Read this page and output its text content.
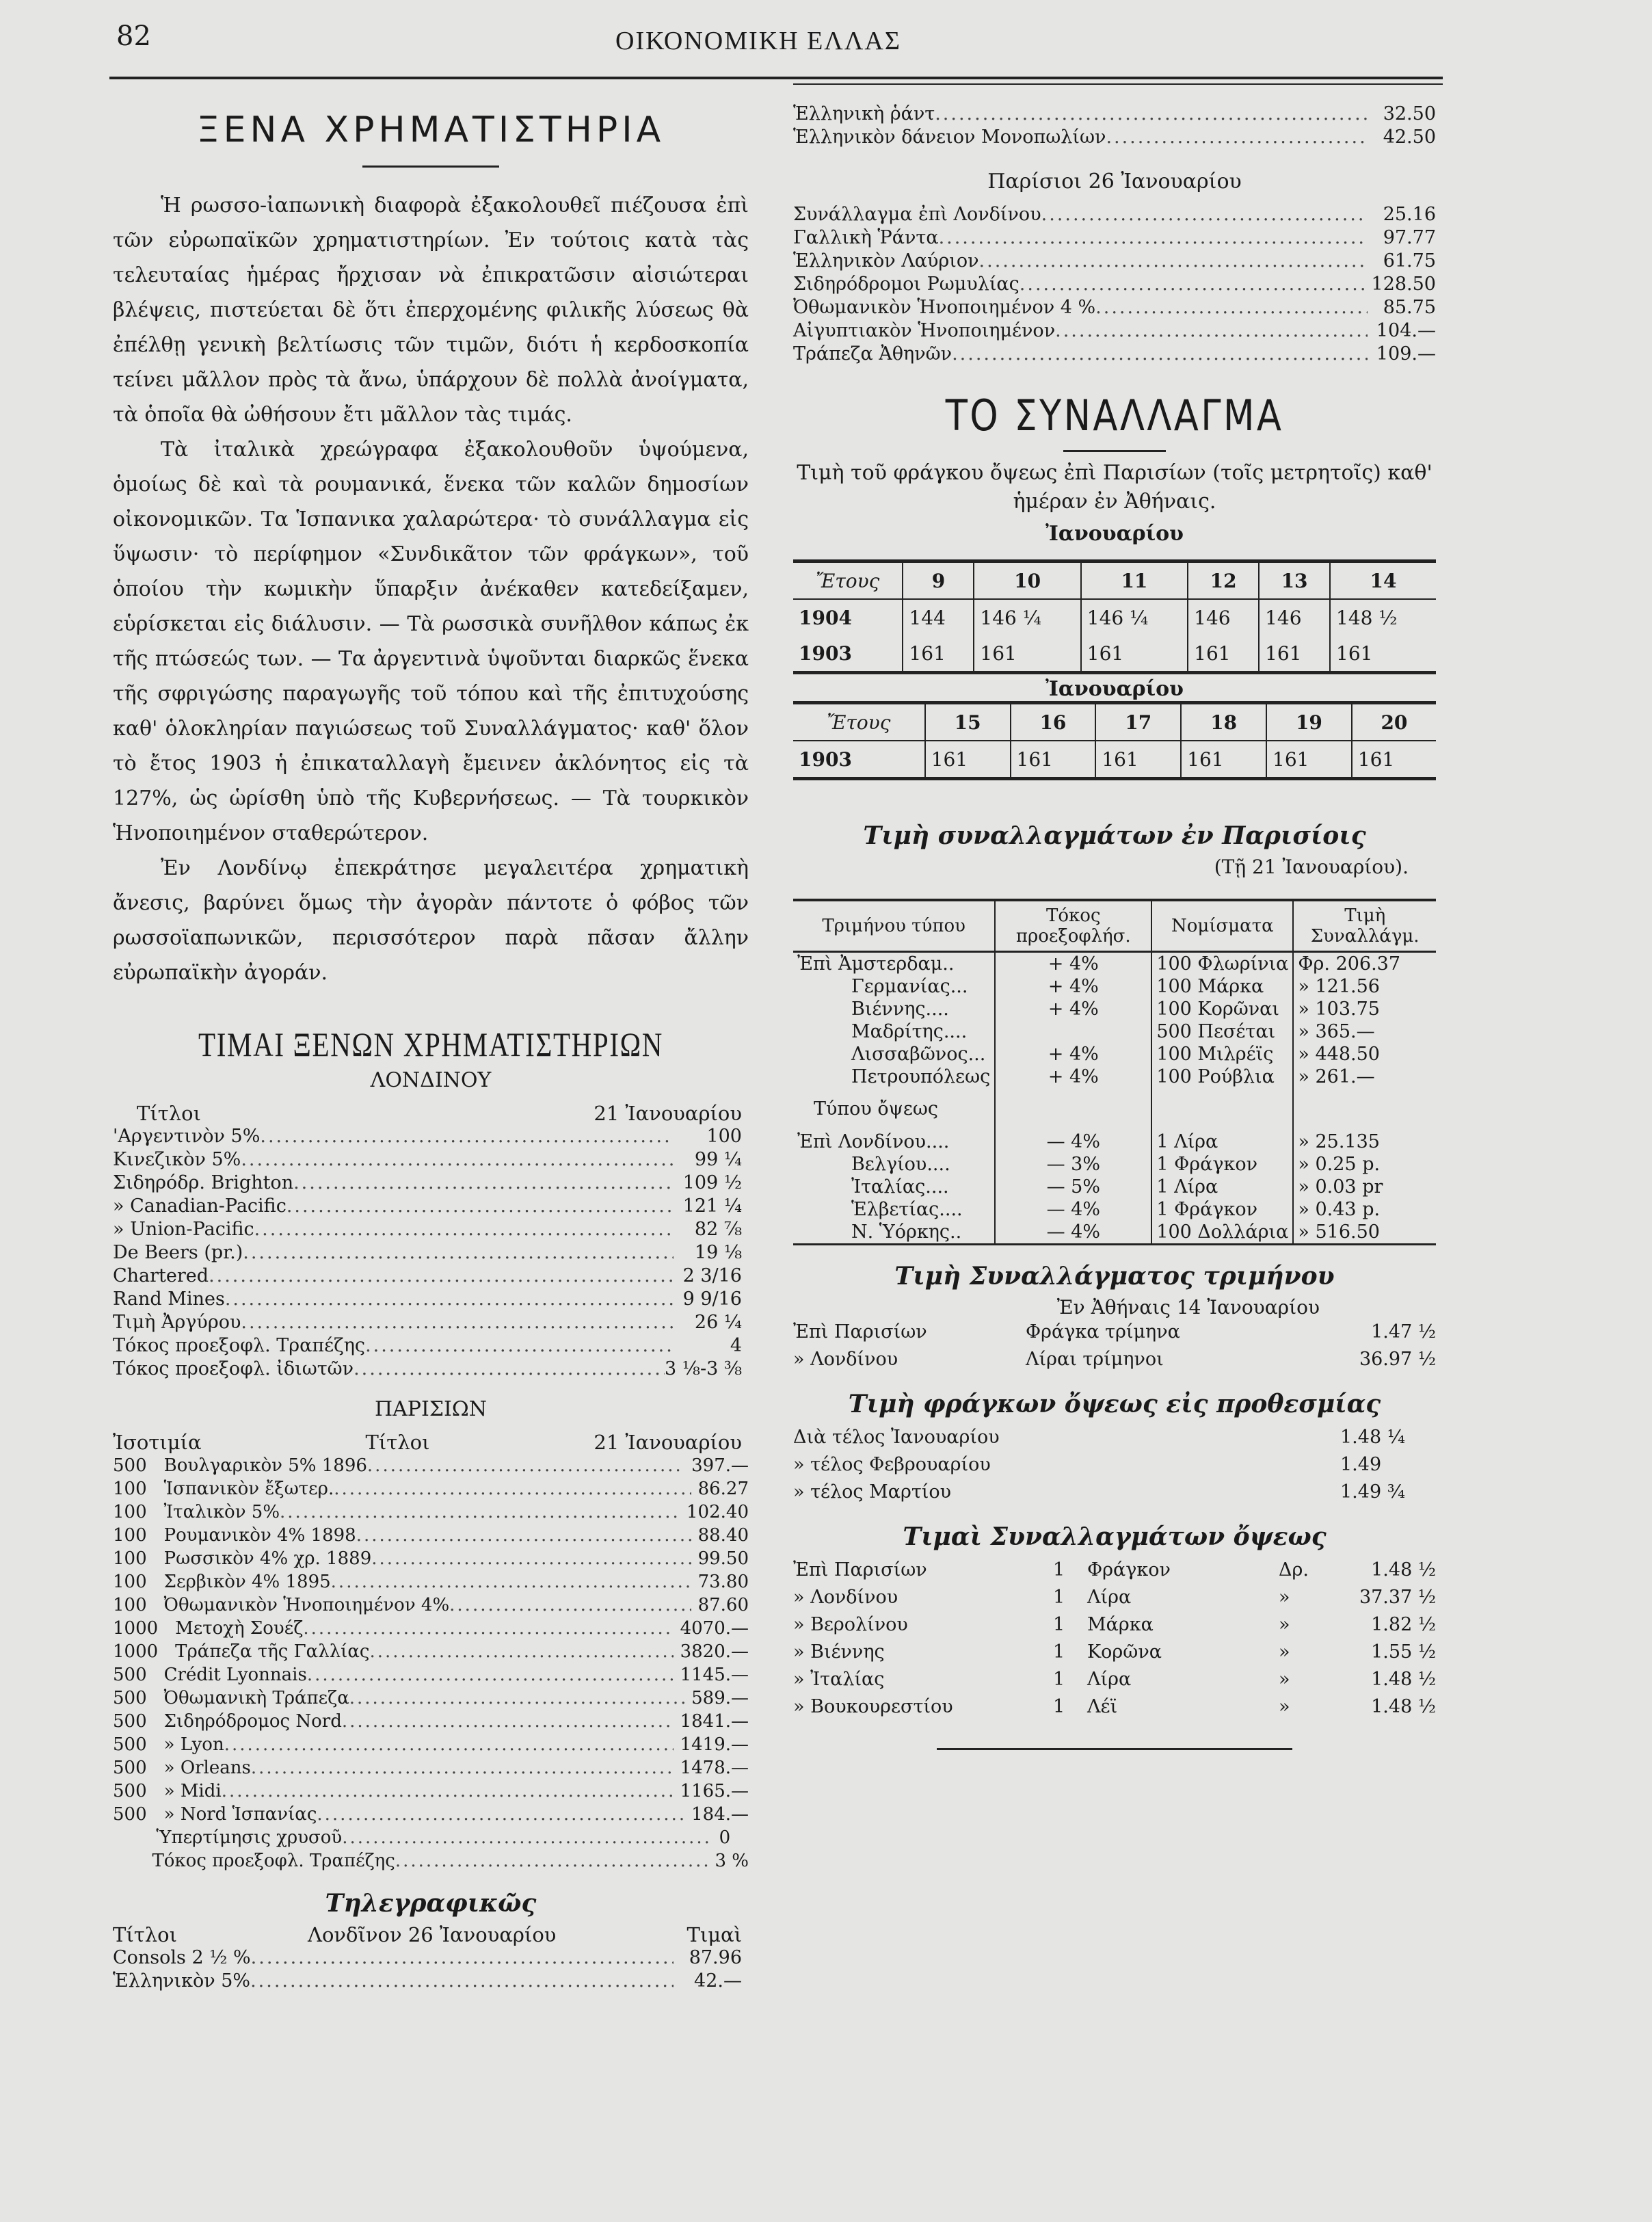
82	ΟΙΚΟΝΟΜΙΚΗ ΕΛΛΑΣ
ΞΕΝΑ ΧΡΗΜΑΤΙΣΤΗΡΙΑ

Ἡ ρωσσο-ἰαπωνικὴ διαφορὰ ἐξακολουθεῖ πιέζουσα ἐπὶ τῶν εὐρωπαϊκῶν χρηματιστηρίων. Ἐν τούτοις κατὰ τὰς τελευταίας ἡμέρας ἤρχισαν νὰ ἐπικρατῶσιν αἰσιώτεραι βλέψεις, πιστεύεται δὲ ὅτι ἐπερχομένης φιλικῆς λύσεως θὰ ἐπέλθῃ γενικὴ βελτίωσις τῶν τιμῶν, διότι ἡ κερδοσκοπία τείνει μᾶλλον πρὸς τὰ ἄνω, ὑπάρχουν δὲ πολλὰ ἀνοίγματα, τὰ ὁποῖα θὰ ὠθήσουν ἔτι μᾶλλον τὰς τιμάς.

Τὰ ἰταλικὰ χρεώγραφα ἐξακολουθοῦν ὑψούμενα, ὁμοίως δὲ καὶ τὰ ρουμανικά, ἕνεκα τῶν καλῶν δημοσίων οἰκονομικῶν. Τα Ἱσπανικα χαλαρώτερα· τὸ συνάλλαγμα εἰς ὕψωσιν· τὸ περίφημον «Συνδικᾶτον τῶν φράγκων», τοῦ ὁποίου τὴν κωμικὴν ὕπαρξιν ἀνέκαθεν κατεδείξαμεν, εὑρίσκεται εἰς διάλυσιν. — Τὰ ρωσσικὰ συνῆλθον κάπως ἐκ τῆς πτώσεώς των. — Τα ἀργεντινὰ ὑψοῦνται διαρκῶς ἕνεκα τῆς σφριγώσης παραγωγῆς τοῦ τόπου καὶ τῆς ἐπιτυχούσης καθ' ὁλοκληρίαν παγιώσεως τοῦ Συναλλάγματος· καθ' ὅλον τὸ ἔτος 1903 ἡ ἐπικαταλλαγὴ ἔμεινεν ἀκλόνητος εἰς τὰ 127%, ὡς ὡρίσθη ὑπὸ τῆς Κυβερνήσεως. — Τὰ τουρκικὸν Ἡνοποιημένον σταθερώτερον.

Ἐν Λονδίνῳ ἐπεκράτησε μεγαλειτέρα χρηματικὴ ἄνεσις, βαρύνει ὅμως τὴν ἀγορὰν πάντοτε ὁ φόβος τῶν ρωσσοϊαπωνικῶν, περισσότερον παρὰ πᾶσαν ἄλλην εὐρωπαϊκὴν ἀγοράν.

ΤΙΜΑΙ ΞΕΝΩΝ ΧΡΗΜΑΤΙΣΤΗΡΙΩΝ
ΛΟΝΔΙΝΟΥ
Τίτλοι	21 Ἰανουαρίου
'Αργεντινὸν 5% .....	100
Κινεζικὸν 5% .....	99 ¼
Σιδηρόδρ. Brighton .....	109 ½
» Canadian-Pacific .....	121 ¼
» Union-Pacific .....	82 ⅞
De Beers (pr.) .....	19 ⅛
Chartered .....	2 3/16
Rand Mines .....	9 9/16
Τιμὴ Ἀργύρου .....	26 ¼
Τόκος προεξοφλ. Τραπέζης .....	4
Τόκος προεξοφλ. ἰδιωτῶν .....	3 ⅛-3 ⅜
ΠΑΡΙΣΙΩΝ
Ἰσοτιμία	Τίτλοι	21 Ἰανουαρίου
500 Βουλγαρικὸν 5% 1896 .....	397.—
100 Ἱσπανικὸν ἔξωτερ. .....	86.27
100 Ἰταλικὸν 5% .....	102.40
100 Ρουμανικὸν 4% 1898 .....	88.40
100 Ρωσσικὸν 4% χρ. 1889 .....	99.50
100 Σερβικὸν 4% 1895 .....	73.80
100 Ὀθωμανικὸν Ἡνοποιημένον 4% .....	87.60
1000 Μετοχὴ Σουέζ .....	4070.—
1000 Τράπεζα τῆς Γαλλίας .....	3820.—
500 Crédit Lyonnais .....	1145.—
500 Ὀθωμανικὴ Τράπεζα .....	589.—
500 Σιδηρόδρομος Nord .....	1841.—
500 » Lyon .....	1419.—
500 » Orleans .....	1478.—
500 » Midi .....	1165.—
500 » Nord Ἱσπανίας .....	184.—
Ὑπερτίμησις χρυσοῦ .....	0
Τόκος προεξοφλ. Τραπέζης .....	3 %
Τηλεγραφικῶς
Τίτλοι	Λονδῖνον 26 Ἰανουαρίου	Τιμαὶ
Consols 2 ½ % .....	87.96
Ἑλληνικὸν 5% .....	42.—
Ἑλληνικὴ ῥάντ .....	32.50
Ἑλληνικὸν δάνειον Μονοπωλίων .....	42.50
Παρίσιοι 26 Ἰανουαρίου
Συνάλλαγμα ἐπὶ Λονδίνου .....	25.16
Γαλλικὴ Ῥάντα .....	97.77
Ἑλληνικὸν Λαύριον .....	61.75
Σιδηρόδρομοι Ρωμυλίας .....	128.50
Ὀθωμανικὸν Ἡνοποιημένον 4 % .....	85.75
Αἰγυπτιακὸν Ἡνοποιημένον .....	104.—
Τράπεζα Ἀθηνῶν .....	109.—
ΤΟ ΣΥΝΑΛΛΑΓΜΑ
Τιμὴ τοῦ φράγκου ὄψεως ἐπὶ Παρισίων (τοῖς μετρητοῖς) καθ' ἡμέραν ἐν Ἀθήναις.
Ἰανουαρίου
Ἔτους	9	10	11	12	13	14
1904	144	146 ¼	146 ¼	146	146	148 ½
1903	161	161	161	161	161	161
Ἰανουαρίου
Ἔτους	15	16	17	18	19	20
1903	161	161	161	161	161	161
Τιμὴ συναλλαγμάτων ἐν Παρισίοις
(Τῇ 21 Ἰανουαρίου).
Τριμήνου τύπου	Τόκος προεξοφλήσ.	Νομίσματα	Τιμὴ Συναλλάγμ.
Ἐπὶ Ἀμστερδαμ..	+ 4%	100 Φλωρίνια	Φρ. 206.37
Γερμανίας...	+ 4%	100 Μάρκα	» 121.56
Βιέννης....	+ 4%	100 Κορῶναι	» 103.75
Μαδρίτης....		500 Πεσέται	» 365.—
Λισσαβῶνος...	+ 4%	100 Μιλρέϊς	» 448.50
Πετρουπόλεως	+ 4%	100 Ρούβλια	» 261.—
Τύπου ὄψεως			
Ἐπὶ Λονδίνου....	— 4%	1 Λίρα	» 25.135
Βελγίου....	— 3%	1 Φράγκον	» 0.25 p.
Ἰταλίας....	— 5%	1 Λίρα	» 0.03 pr
Ἑλβετίας....	— 4%	1 Φράγκον	» 0.43 p.
Ν. Ὑόρκης..	— 4%	100 Δολλάρια	» 516.50
Τιμὴ Συναλλάγματος τριμήνου
Ἐν Ἀθήναις 14 Ἰανουαρίου
Ἐπὶ Παρισίων	Φράγκα τρίμηνα	1.47 ½
» Λονδίνου	Λίραι τρίμηνοι	36.97 ½
Τιμὴ φράγκων ὄψεως εἰς προθεσμίας
Διὰ τέλος Ἰανουαρίου	1.48 ¼
» τέλος Φεβρουαρίου	1.49
» τέλος Μαρτίου	1.49 ¾
Τιμαὶ Συναλλαγμάτων ὄψεως
Ἐπὶ Παρισίων	1	Φράγκον	Δρ.	1.48 ½
» Λονδίνου	1	Λίρα	»	37.37 ½
» Βερολίνου	1	Μάρκα	»	1.82 ½
» Βιέννης	1	Κορῶνα	»	1.55 ½
» Ἰταλίας	1	Λίρα	»	1.48 ½
» Βουκουρεστίου	1	Λέϊ	»	1.48 ½
